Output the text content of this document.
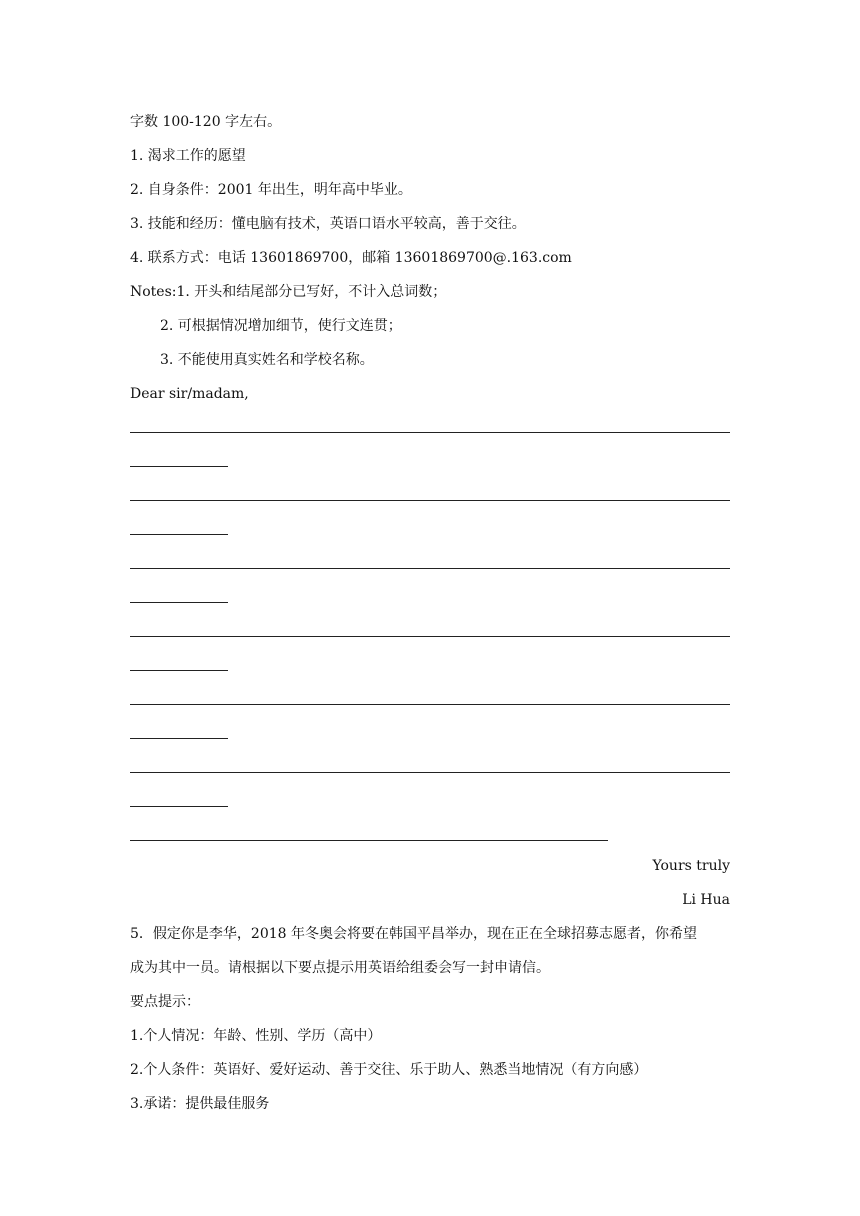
字数 100-120 字左右。
1. 渴求工作的愿望
2. 自身条件：2001 年出生，明年高中毕业。
3. 技能和经历：懂电脑有技术，英语口语水平较高，善于交往。
4. 联系方式：电话 13601869700，邮箱 13601869700@.163.com
Notes:1. 开头和结尾部分已写好，不计入总词数；
2. 可根据情况增加细节，使行文连贯；
3. 不能使用真实姓名和学校名称。
Dear sir/madam,
Yours truly
Li Hua
5．假定你是李华，2018 年冬奥会将要在韩国平昌举办，现在正在全球招募志愿者，你希望
成为其中一员。请根据以下要点提示用英语给组委会写一封申请信。
要点提示：
1.个人情况：年龄、性别、学历（高中）
2.个人条件：英语好、爱好运动、善于交往、乐于助人、熟悉当地情况（有方向感）
3.承诺：提供最佳服务
